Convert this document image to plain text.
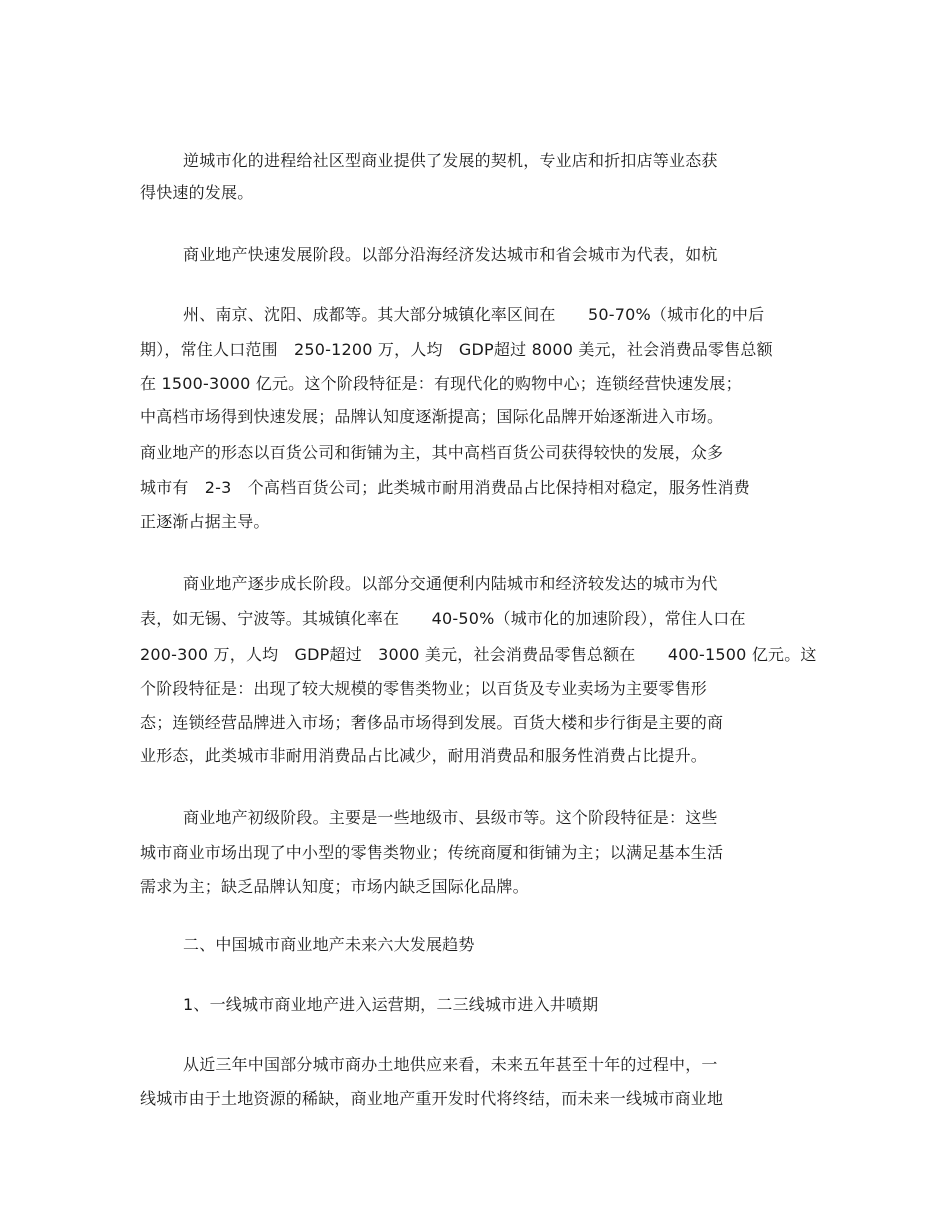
逆城市化的进程给社区型商业提供了发展的契机，专业店和折扣店等业态获
得快速的发展。
商业地产快速发展阶段。以部分沿海经济发达城市和省会城市为代表，如杭
州、南京、沈阳、成都等。其大部分城镇化率区间在　　50-70%（城市化的中后
期），常住人口范围　250-1200 万，人均　GDP超过 8000 美元，社会消费品零售总额
在 1500-3000 亿元。这个阶段特征是：有现代化的购物中心；连锁经营快速发展；
中高档市场得到快速发展；品牌认知度逐渐提高；国际化品牌开始逐渐进入市场。
商业地产的形态以百货公司和街铺为主，其中高档百货公司获得较快的发展，众多
城市有　2-3　个高档百货公司；此类城市耐用消费品占比保持相对稳定，服务性消费
正逐渐占据主导。
商业地产逐步成长阶段。以部分交通便利内陆城市和经济较发达的城市为代
表，如无锡、宁波等。其城镇化率在　　40-50%（城市化的加速阶段），常住人口在
200-300 万，人均　GDP超过　3000 美元，社会消费品零售总额在　　400-1500 亿元。这
个阶段特征是：出现了较大规模的零售类物业；以百货及专业卖场为主要零售形
态；连锁经营品牌进入市场；奢侈品市场得到发展。百货大楼和步行街是主要的商
业形态，此类城市非耐用消费品占比减少，耐用消费品和服务性消费占比提升。
商业地产初级阶段。主要是一些地级市、县级市等。这个阶段特征是：这些
城市商业市场出现了中小型的零售类物业；传统商厦和街铺为主；以满足基本生活
需求为主；缺乏品牌认知度；市场内缺乏国际化品牌。
二、中国城市商业地产未来六大发展趋势
1、一线城市商业地产进入运营期，二三线城市进入井喷期
从近三年中国部分城市商办土地供应来看，未来五年甚至十年的过程中，一
线城市由于土地资源的稀缺，商业地产重开发时代将终结，而未来一线城市商业地
